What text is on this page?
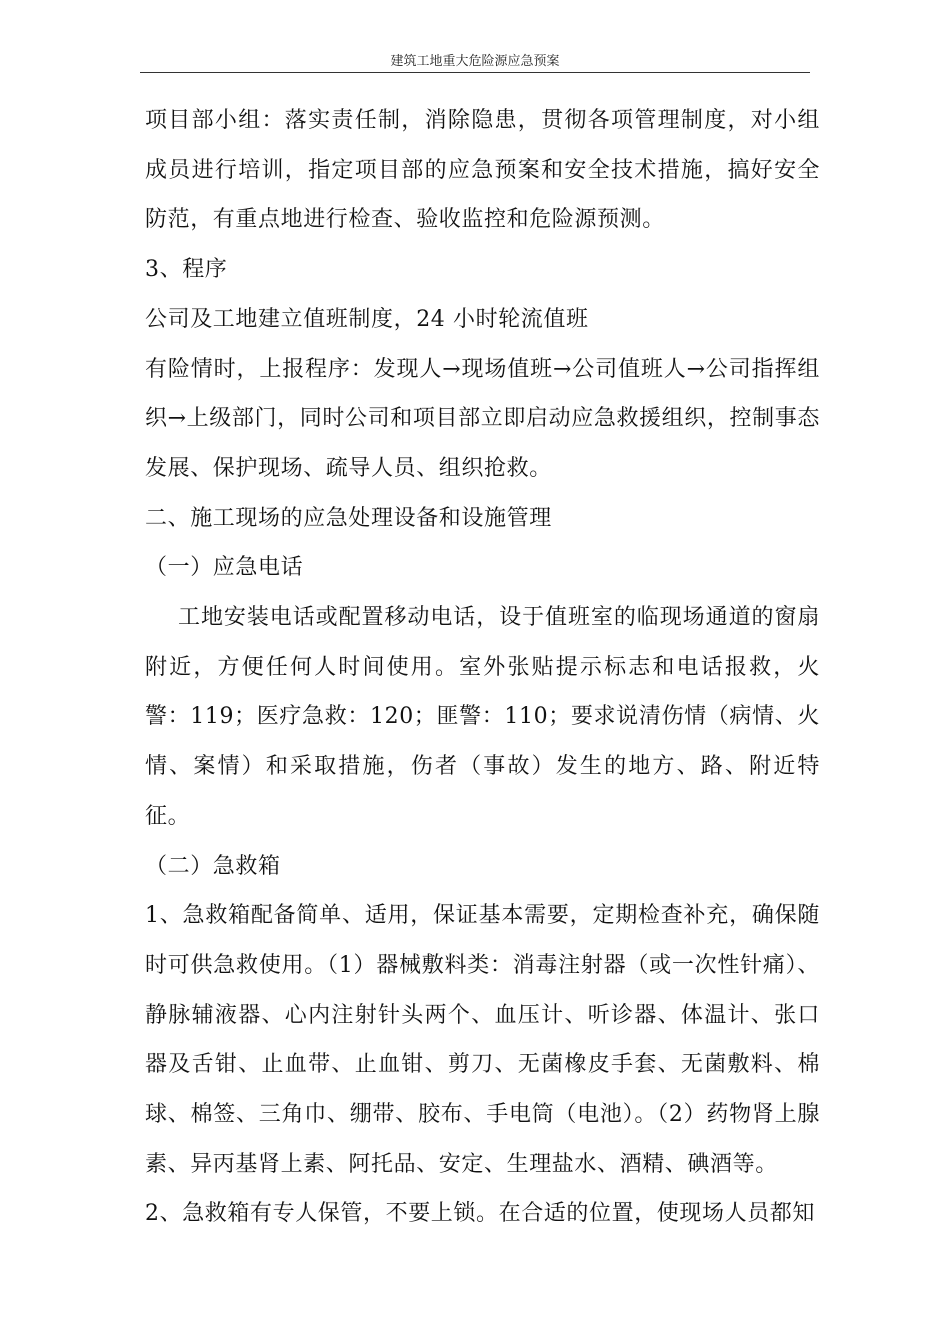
建筑工地重大危险源应急预案

项目部小组：落实责任制，消除隐患，贯彻各项管理制度，对小组成员进行培训，指定项目部的应急预案和安全技术措施，搞好安全防范，有重点地进行检查、验收监控和危险源预测。

3、程序

公司及工地建立值班制度，24 小时轮流值班

有险情时，上报程序：发现人→现场值班→公司值班人→公司指挥组织→上级部门，同时公司和项目部立即启动应急救援组织，控制事态发展、保护现场、疏导人员、组织抢救。

二、施工现场的应急处理设备和设施管理

（一）应急电话

工地安装电话或配置移动电话，设于值班室的临现场通道的窗扇附近，方便任何人时间使用。室外张贴提示标志和电话报救，火警：119；医疗急救：120；匪警：110；要求说清伤情（病情、火情、案情）和采取措施，伤者（事故）发生的地方、路、附近特征。

（二）急救箱

1、急救箱配备简单、适用，保证基本需要，定期检查补充，确保随时可供急救使用。（1）器械敷料类：消毒注射器（或一次性针痛）、静脉辅液器、心内注射针头两个、血压计、听诊器、体温计、张口器及舌钳、止血带、止血钳、剪刀、无菌橡皮手套、无菌敷料、棉球、棉签、三角巾、绷带、胶布、手电筒（电池）。（2）药物肾上腺素、异丙基肾上素、阿托品、安定、生理盐水、酒精、碘酒等。

2、急救箱有专人保管，不要上锁。在合适的位置，使现场人员都知
